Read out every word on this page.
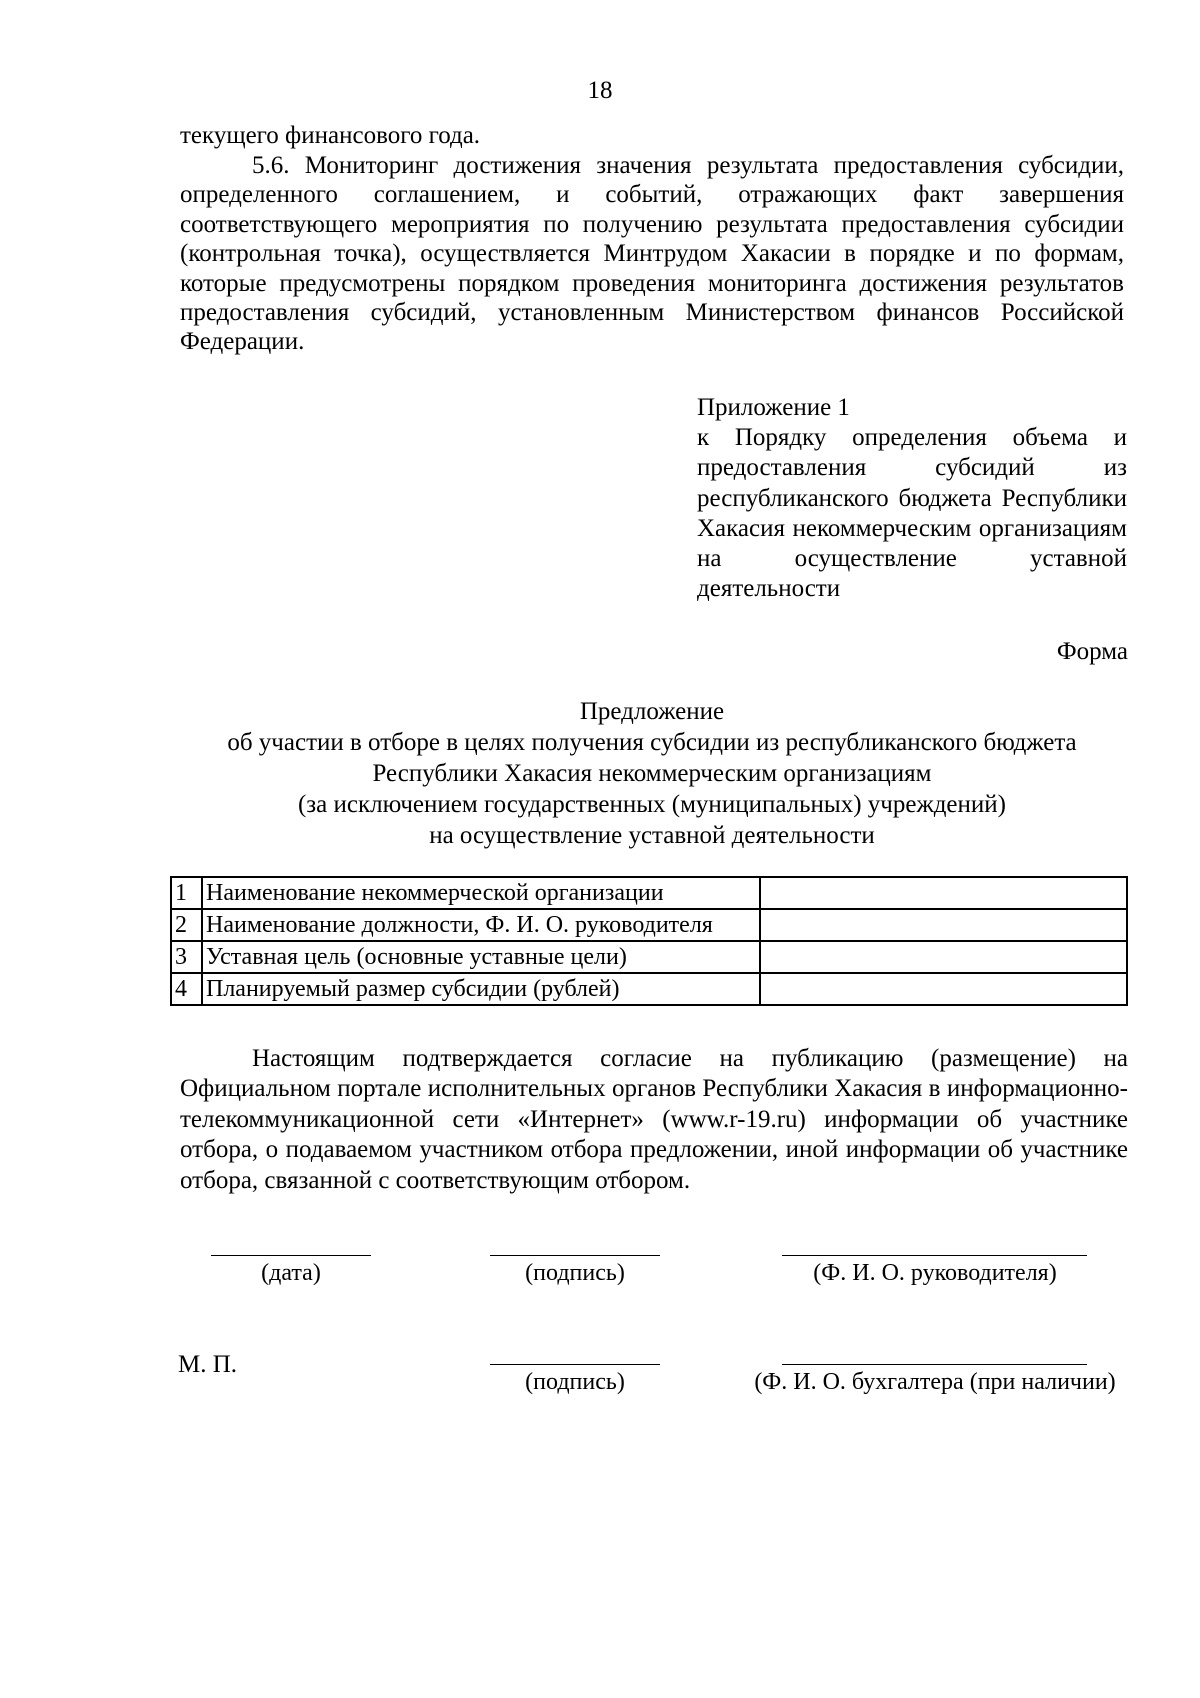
18
текущего финансового года.
5.6. Мониторинг достижения значения результата предоставления субсидии, определенного соглашением, и событий, отражающих факт завершения соответствующего мероприятия по получению результата предоставления субсидии (контрольная точка), осуществляется Минтрудом Хакасии в порядке и по формам, которые предусмотрены порядком проведения мониторинга достижения результатов предоставления субсидий, установленным Министерством финансов Российской Федерации.
Приложение 1
к Порядку определения объема и предоставления субсидий из республиканского бюджета Республики Хакасия некоммерческим организациям на осуществление уставной деятельности
Форма
Предложение
об участии в отборе в целях получения субсидии из республиканского бюджета
Республики Хакасия некоммерческим организациям
(за исключением государственных (муниципальных) учреждений)
на осуществление уставной деятельности
1	Наименование некоммерческой организации	
2	Наименование должности, Ф. И. О. руководителя	
3	Уставная цель (основные уставные цели)	
4	Планируемый размер субсидии (рублей)	
Настоящим подтверждается согласие на публикацию (размещение) на Официальном портале исполнительных органов Республики Хакасия в информационно-телекоммуникационной сети «Интернет» (www.r-19.ru) информации об участнике отбора, о подаваемом участником отбора предложении, иной информации об участнике отбора, связанной с соответствующим отбором.
(дата)	(подпись)	(Ф. И. О. руководителя)
М. П.
(подпись)	(Ф. И. О. бухгалтера (при наличии)
